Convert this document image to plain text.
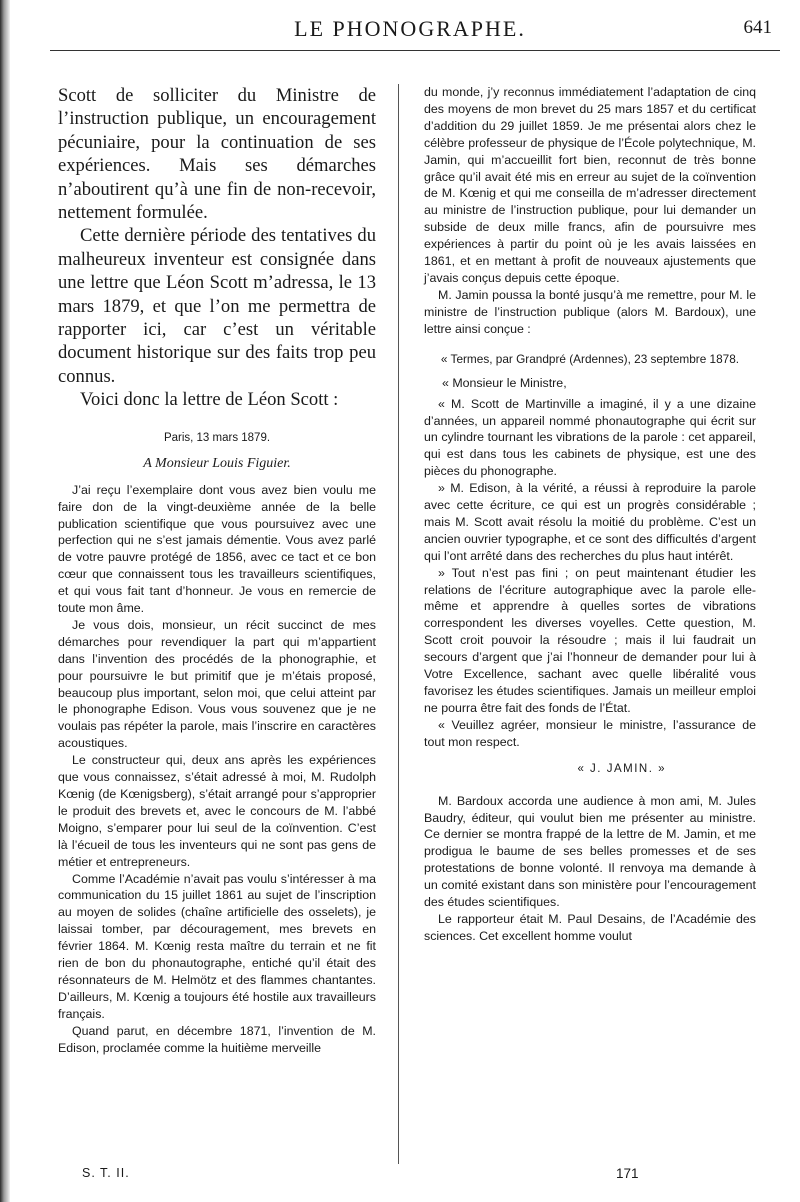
LE PHONOGRAPHE.	641

Scott de solliciter du Ministre de l’instruction publique, un encouragement pécuniaire, pour la continuation de ses expériences. Mais ses démarches n’aboutirent qu’à une fin de non-recevoir, nettement formulée.

Cette dernière période des tentatives du malheureux inventeur est consignée dans une lettre que Léon Scott m’adressa, le 13 mars 1879, et que l’on me permettra de rapporter ici, car c’est un véritable document historique sur des faits trop peu connus.

Voici donc la lettre de Léon Scott :

Paris, 13 mars 1879.
A Monsieur Louis Figuier.

J’ai reçu l’exemplaire dont vous avez bien voulu me faire don de la vingt-deuxième année de la belle publication scientifique que vous poursuivez avec une perfection qui ne s’est jamais démentie. Vous avez parlé de votre pauvre protégé de 1856, avec ce tact et ce bon cœur que connaissent tous les travailleurs scientifiques, et qui vous fait tant d’honneur. Je vous en remercie de toute mon âme.

Je vous dois, monsieur, un récit succinct de mes démarches pour revendiquer la part qui m’appartient dans l’invention des procédés de la phonographie, et pour poursuivre le but primitif que je m’étais proposé, beaucoup plus important, selon moi, que celui atteint par le phonographe Edison. Vous vous souvenez que je ne voulais pas répéter la parole, mais l’inscrire en caractères acoustiques.

Le constructeur qui, deux ans après les expériences que vous connaissez, s’était adressé à moi, M. Rudolph Kœnig (de Kœnigsberg), s’était arrangé pour s’approprier le produit des brevets et, avec le concours de M. l’abbé Moigno, s’emparer pour lui seul de la coïnvention. C’est là l’écueil de tous les inventeurs qui ne sont pas gens de métier et entrepreneurs.

Comme l’Académie n’avait pas voulu s’intéresser à ma communication du 15 juillet 1861 au sujet de l’inscription au moyen de solides (chaîne artificielle des osselets), je laissai tomber, par découragement, mes brevets en février 1864. M. Kœnig resta maître du terrain et ne fit rien de bon du phonautographe, entiché qu’il était des résonnateurs de M. Helmötz et des flammes chantantes. D’ailleurs, M. Kœnig a toujours été hostile aux travailleurs français.

Quand parut, en décembre 1871, l’invention de M. Edison, proclamée comme la huitième merveille

du monde, j’y reconnus immédiatement l’adaptation de cinq des moyens de mon brevet du 25 mars 1857 et du certificat d’addition du 29 juillet 1859. Je me présentai alors chez le célèbre professeur de physique de l’École polytechnique, M. Jamin, qui m’accueillit fort bien, reconnut de très bonne grâce qu’il avait été mis en erreur au sujet de la coïnvention de M. Kœnig et qui me conseilla de m’adresser directement au ministre de l’instruction publique, pour lui demander un subside de deux mille francs, afin de poursuivre mes expériences à partir du point où je les avais laissées en 1861, et en mettant à profit de nouveaux ajustements que j’avais conçus depuis cette époque.

M. Jamin poussa la bonté jusqu’à me remettre, pour M. le ministre de l’instruction publique (alors M. Bardoux), une lettre ainsi conçue :

« Termes, par Grandpré (Ardennes), 23 septembre 1878.
« Monsieur le Ministre,

« M. Scott de Martinville a imaginé, il y a une dizaine d’années, un appareil nommé phonautographe qui écrit sur un cylindre tournant les vibrations de la parole : cet appareil, qui est dans tous les cabinets de physique, est une des pièces du phonographe.

» M. Edison, à la vérité, a réussi à reproduire la parole avec cette écriture, ce qui est un progrès considérable ; mais M. Scott avait résolu la moitié du problème. C’est un ancien ouvrier typographe, et ce sont des difficultés d’argent qui l’ont arrêté dans des recherches du plus haut intérêt.

» Tout n’est pas fini ; on peut maintenant étudier les relations de l’écriture autographique avec la parole elle-même et apprendre à quelles sortes de vibrations correspondent les diverses voyelles. Cette question, M. Scott croit pouvoir la résoudre ; mais il lui faudrait un secours d’argent que j’ai l’honneur de demander pour lui à Votre Excellence, sachant avec quelle libéralité vous favorisez les études scientifiques. Jamais un meilleur emploi ne pourra être fait des fonds de l’État.

« Veuillez agréer, monsieur le ministre, l’assurance de tout mon respect.

« J. JAMIN. »

M. Bardoux accorda une audience à mon ami, M. Jules Baudry, éditeur, qui voulut bien me présenter au ministre. Ce dernier se montra frappé de la lettre de M. Jamin, et me prodigua le baume de ses belles promesses et de ses protestations de bonne volonté. Il renvoya ma demande à un comité existant dans son ministère pour l’encouragement des études scientifiques.

Le rapporteur était M. Paul Desains, de l’Académie des sciences. Cet excellent homme voulut

S. T. II.	171
